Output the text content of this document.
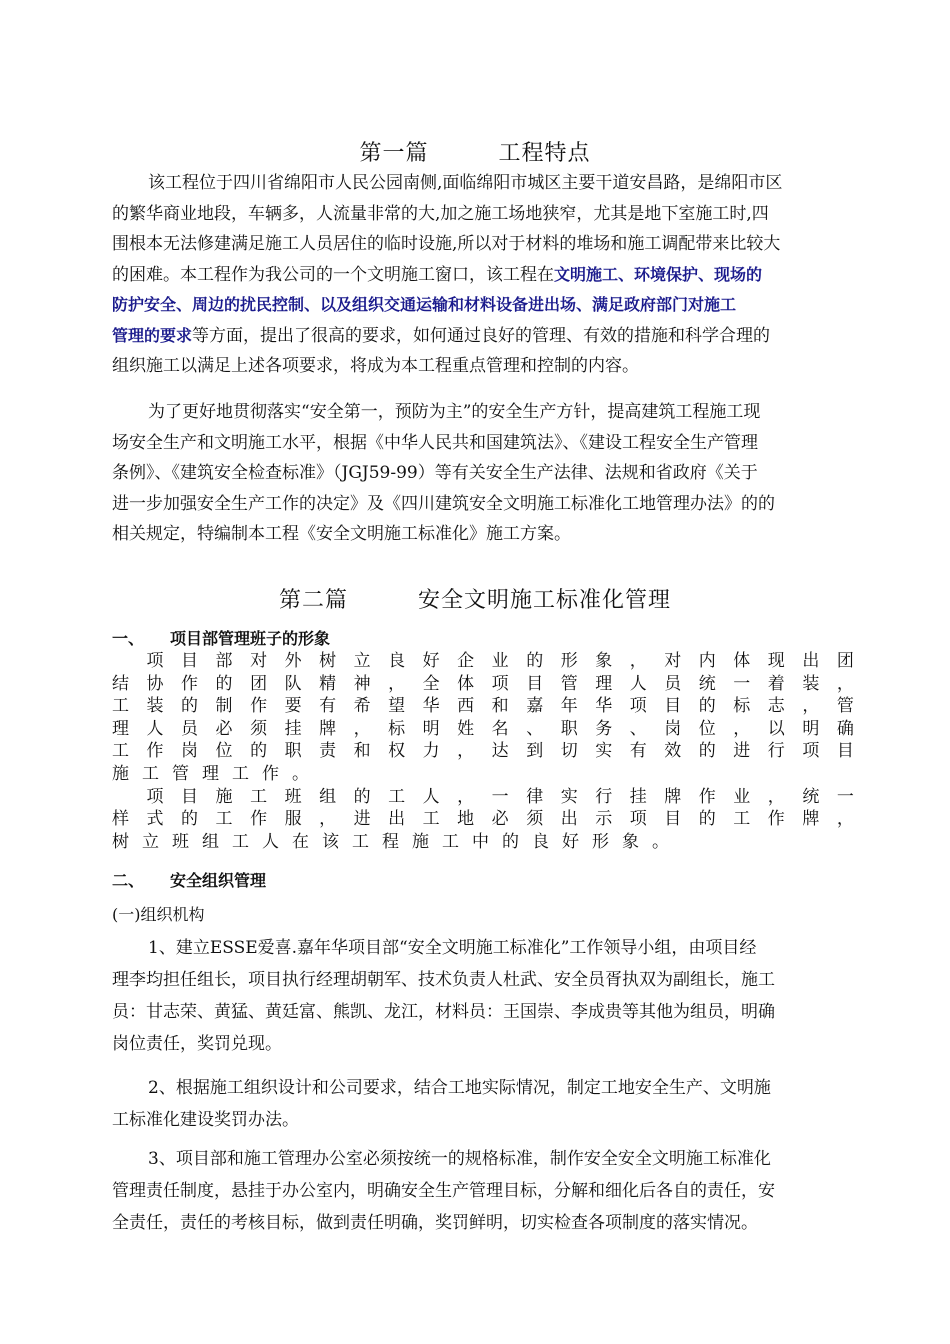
第一篇	工程特点
该工程位于四川省绵阳市人民公园南侧,面临绵阳市城区主要干道安昌路，是绵阳市区
的繁华商业地段，车辆多，人流量非常的大,加之施工场地狭窄，尤其是地下室施工时,四
围根本无法修建满足施工人员居住的临时设施,所以对于材料的堆场和施工调配带来比较大
的困难。本工程作为我公司的一个文明施工窗口，该工程在文明施工、环境保护、现场的
防护安全、周边的扰民控制、以及组织交通运输和材料设备进出场、满足政府部门对施工
管理的要求等方面，提出了很高的要求，如何通过良好的管理、有效的措施和科学合理的
组织施工以满足上述各项要求，将成为本工程重点管理和控制的内容。
为了更好地贯彻落实“安全第一，预防为主”的安全生产方针，提高建筑工程施工现
场安全生产和文明施工水平，根据《中华人民共和国建筑法》、《建设工程安全生产管理
条例》、《建筑安全检查标准》（JGJ59-99）等有关安全生产法律、法规和省政府《关于
进一步加强安全生产工作的决定》及《四川建筑安全文明施工标准化工地管理办法》的的
相关规定，特编制本工程《安全文明施工标准化》施工方案。
第二篇	安全文明施工标准化管理
一、 项目部管理班子的形象

项 目 部 对 外 树 立 良 好 企 业 的 形 象 ， 对 内 体 现 出 团
结 协 作 的 团 队 精 神 ， 全 体 项 目 管 理 人 员 统 一 着 装 ，
工 装 的 制 作 要 有 希 望 华 西 和 嘉 年 华 项 目 的 标 志 ， 管
理 人 员 必 须 挂 牌 ， 标 明 姓 名 、 职 务 、 岗 位 ， 以 明 确
工 作 岗 位 的 职 责 和 权 力 ， 达 到 切 实 有 效 的 进 行 项 目
施 工 管 理 工 作 。

项 目 施 工 班 组 的 工 人 ， 一 律 实 行 挂 牌 作 业 ， 统 一
样 式 的 工 作 服 ， 进 出 工 地 必 须 出 示 项 目 的 工 作 牌 ，
树 立 班 组 工 人 在 该 工 程 施 工 中 的 良 好 形 象 。
二、 安全组织管理
(一)组织机构
1、建立ESSE爱喜.嘉年华项目部“安全文明施工标准化”工作领导小组，由项目经
理李均担任组长，项目执行经理胡朝军、技术负责人杜武、安全员胥执双为副组长，施工
员：甘志荣、黄猛、黄廷富、熊凯、龙江，材料员：王国崇、李成贵等其他为组员，明确
岗位责任，奖罚兑现。
2、根据施工组织设计和公司要求，结合工地实际情况，制定工地安全生产、文明施
工标准化建设奖罚办法。
3、项目部和施工管理办公室必须按统一的规格标准，制作安全安全文明施工标准化
管理责任制度，悬挂于办公室内，明确安全生产管理目标，分解和细化后各自的责任，安
全责任，责任的考核目标，做到责任明确，奖罚鲜明，切实检查各项制度的落实情况。
